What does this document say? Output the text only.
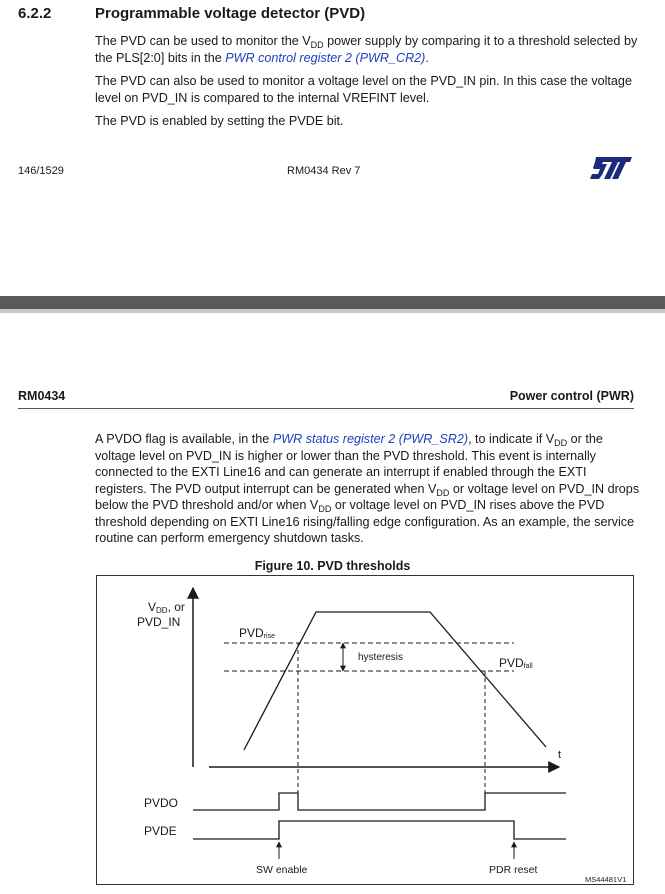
6.2.2	Programmable voltage detector (PVD)
The PVD can be used to monitor the $V_{DD}$ power supply by comparing it to a threshold selected by the PLS[2:0] bits in the PWR control register 2 (PWR_CR2).
The PVD can also be used to monitor a voltage level on the PVD_IN pin. In this case the voltage level on PVD_IN is compared to the internal VREFINT level.
The PVD is enabled by setting the PVDE bit.
146/1529	RM0434 Rev 7
RM0434	Power control (PWR)
A PVDO flag is available, in the PWR status register 2 (PWR_SR2), to indicate if $V_{DD}$ or the voltage level on PVD_IN is higher or lower than the PVD threshold. This event is internally connected to the EXTI Line16 and can generate an interrupt if enabled through the EXTI registers. The PVD output interrupt can be generated when $V_{DD}$ or voltage level on PVD_IN drops below the PVD threshold and/or when $V_{DD}$ or voltage level on PVD_IN rises above the PVD threshold depending on EXTI Line16 rising/falling edge configuration. As an example, the service routine can perform emergency shutdown tasks.
Figure 10. PVD thresholds
VDD, or
PVD_IN
hysteresis
PVDrise
PVDfall
t
PVDO
PVDE
SW enable	PDR reset
MS44481V1
